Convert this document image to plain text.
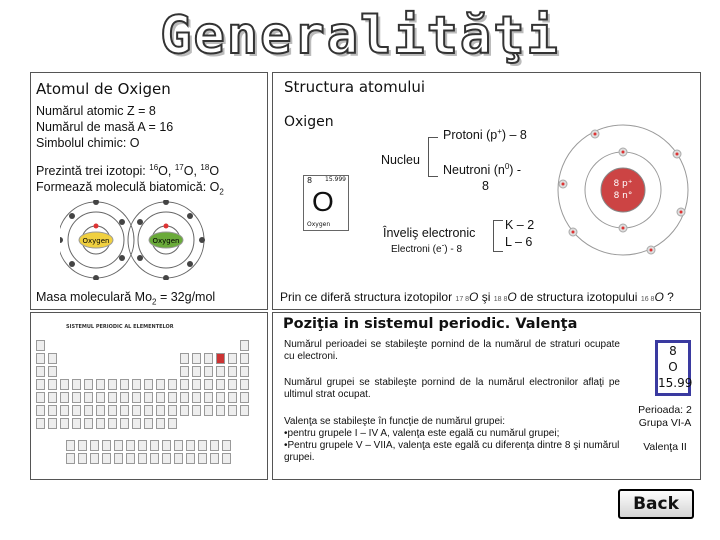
Generalităţi
Atomul de Oxigen
Numărul atomic Z = 8
Numărul de masă A = 16
Simbolul chimic: O
Prezintă trei izotopi: $^{16}$O, $^{17}$O, $^{18}$O
Formează moleculă biatomică: $O_2$
Oxygen	Oxygen
Masa moleculară $Mo_2 = 32g/mol$
Structura atomului
Oxigen
Protoni (p+) – 8
Nucleu
Neutroni $(n^0)$ -
8
8 15.999
O
Oxygen
Înveliş electronic
Electroni (e-) - 8
K – 2
L – 6
8 p⁺
8 n°
Prin ce diferă structura izotopilor 17 8O şi 18 8O de structura izotopului 16 8O ?
SISTEMUL PERIODIC AL ELEMENTELOR	Poziţia in sistemul periodic. Valenţa
Numărul perioadei se stabileşte pornind de la numărul de straturi ocupate cu electroni.
Numărul grupei se stabileşte pornind de la numărul electronilor aflaţi pe ultimul strat ocupat.
Valenţa se stabileşte în funcţie de numărul grupei:
•pentru grupele I – IV A, valenţa este egală cu numărul grupei;
•Pentru grupele V – VIIA, valenţa este egală cu diferenţa dintre 8 şi numărul grupei.
8
O
15.99
Perioada: 2
Grupa VI-A
Valenţa II
Back
